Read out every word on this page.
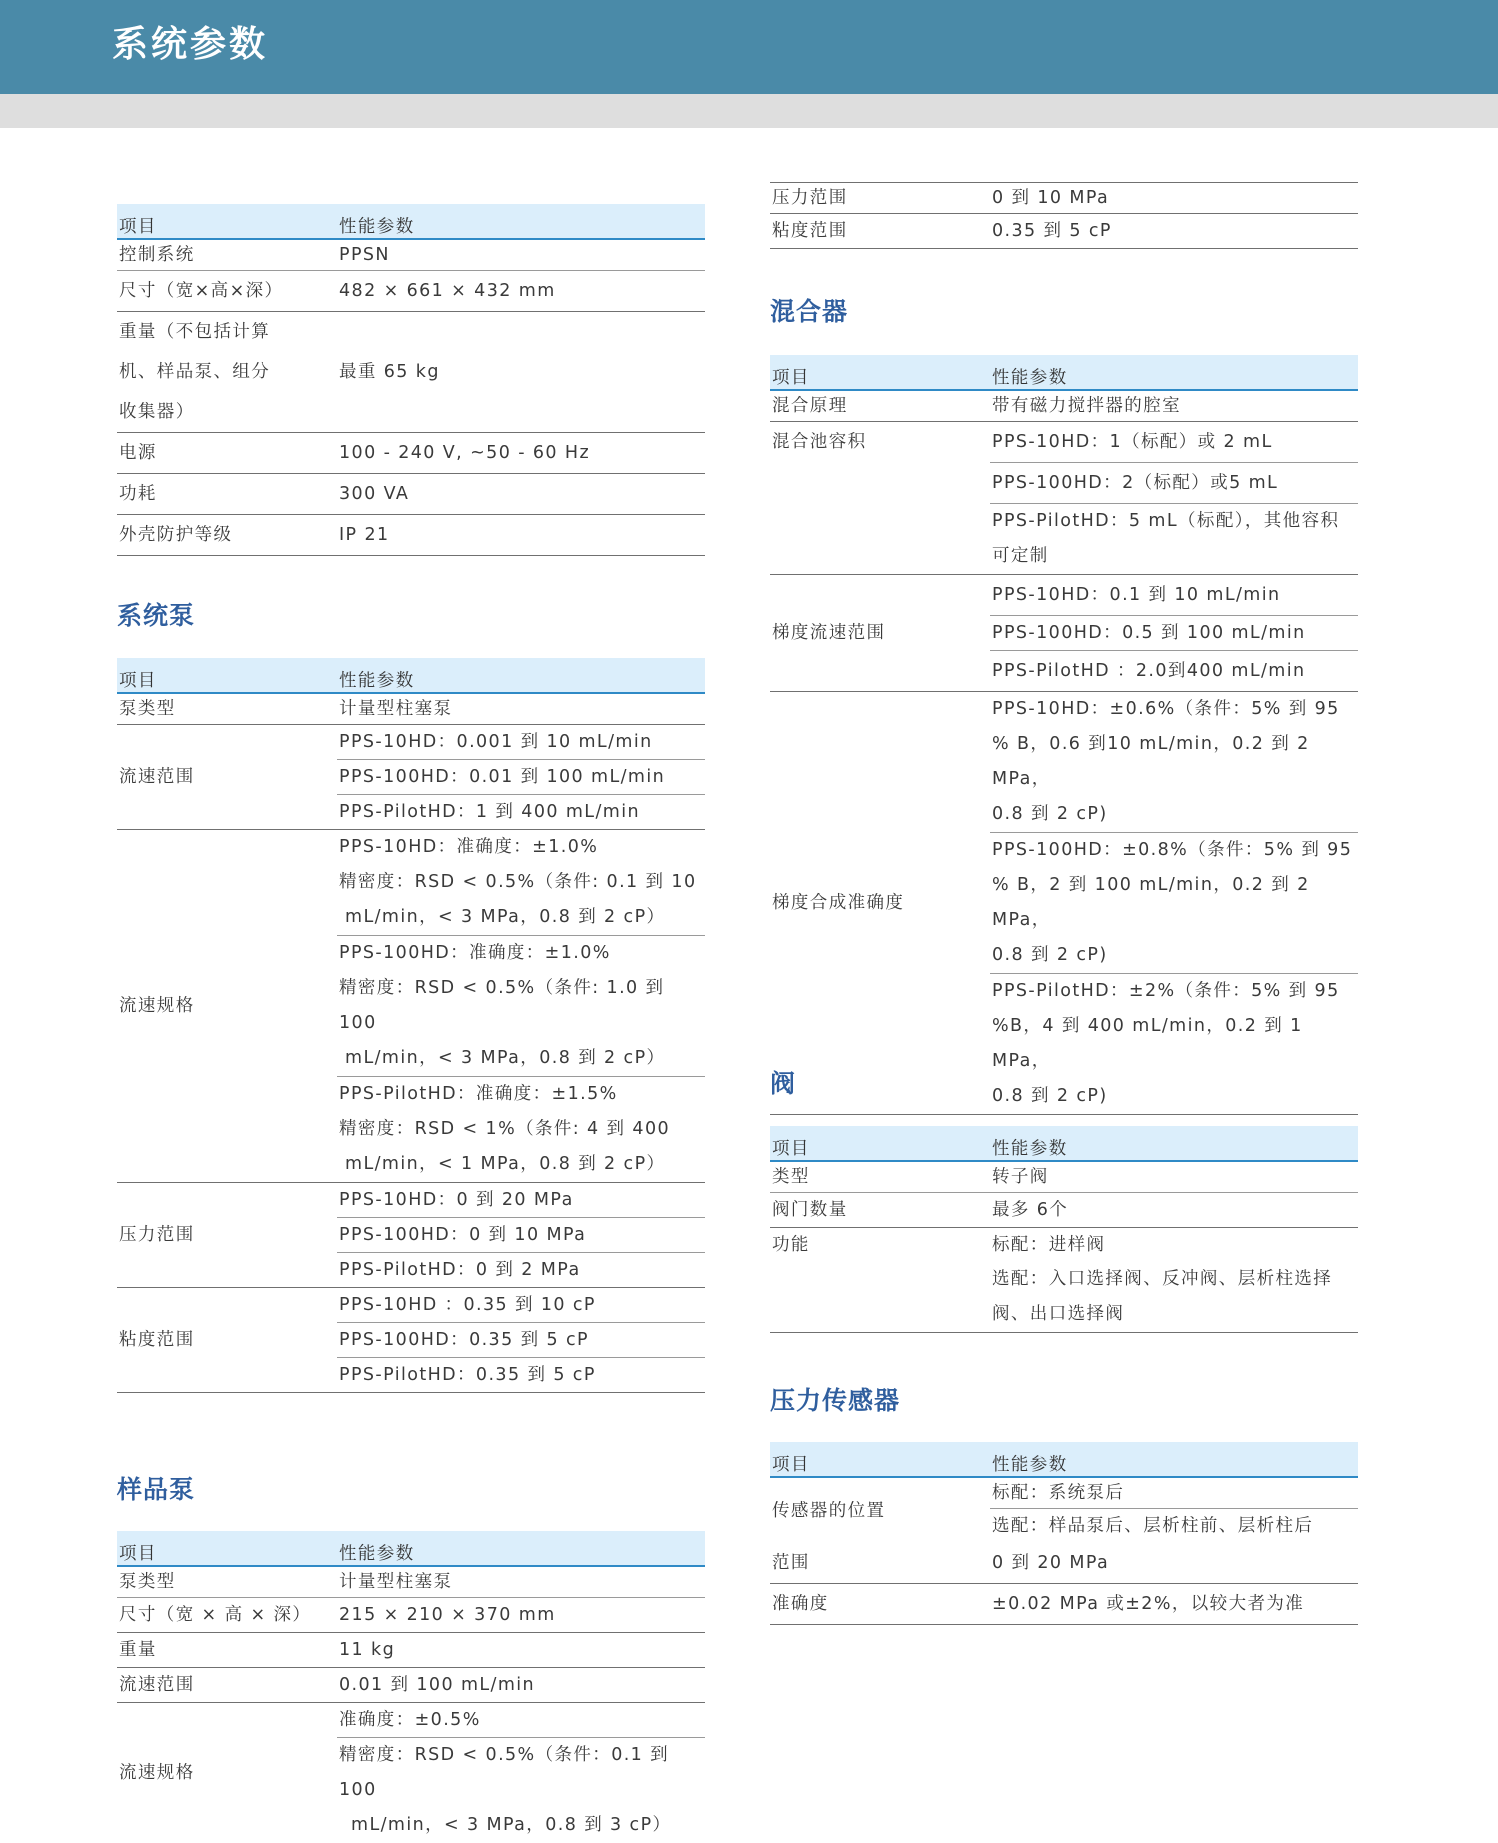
系统参数
项目	性能参数
控制系统	PPSN
尺寸（宽×高×深）	482 × 661 × 432 mm

重量（不包括计算
机、样品泵、组分
收集器）	最重 65 kg
电源	100 - 240 V, ~50 - 60 Hz
功耗	300 VA
外壳防护等级	IP 21
系统泵
项目	性能参数
泵类型	计量型柱塞泵
流速范围	PPS-10HD：0.001 到 10 mL/min
	PPS-100HD：0.01 到 100 mL/min
	PPS-PilotHD：1 到 400 mL/min
流速规格	PPS-10HD：准确度：±1.0%
精密度：RSD < 0.5%（条件: 0.1 到 10
mL/min，< 3 MPa，0.8 到 2 cP）

	PPS-100HD：准确度：±1.0%
精密度：RSD < 0.5%（条件: 1.0 到 100
mL/min，< 3 MPa，0.8 到 2 cP）

	PPS-PilotHD：准确度：±1.5%
精密度：RSD < 1%（条件: 4 到 400
mL/min，< 1 MPa，0.8 到 2 cP）

压力范围	PPS-10HD：0 到 20 MPa
	PPS-100HD：0 到 10 MPa
	PPS-PilotHD：0 到 2 MPa
粘度范围	PPS-10HD ：0.35 到 10 cP
	PPS-100HD：0.35 到 5 cP
	PPS-PilotHD：0.35 到 5 cP
样品泵
项目	性能参数
泵类型	计量型柱塞泵
尺寸（宽 × 高 × 深）	215 × 210 × 370 mm
重量	11 kg
流速范围	0.01 到 100 mL/min
流速规格	准确度：±0.5%

	精密度：RSD < 0.5%（条件：0.1 到 100
mL/min，< 3 MPa，0.8 到 3 cP）
压力范围	0 到 10 MPa
粘度范围	0.35 到 5 cP
混合器
项目	性能参数
混合原理	带有磁力搅拌器的腔室
混合池容积	PPS-10HD：1（标配）或 2 mL
	PPS-100HD：2（标配）或5 mL

	PPS-PilotHD：5 mL（标配），其他容积
可定制

梯度流速范围	PPS-10HD：0.1 到 10 mL/min
	PPS-100HD：0.5 到 100 mL/min
	PPS-PilotHD ：2.0到400 mL/min
梯度合成准确度	PPS-10HD：±0.6%（条件：5% 到 95
% B，0.6 到10 mL/min，0.2 到 2 MPa，
0.8 到 2 cP)

	PPS-100HD：±0.8%（条件：5% 到 95
% B，2 到 100 mL/min，0.2 到 2 MPa，
0.8 到 2 cP)

	PPS-PilotHD：±2%（条件：5% 到 95
%B，4 到 400 mL/min，0.2 到 1 MPa，
0.8 到 2 cP)
阀
项目	性能参数
类型	转子阀
阀门数量	最多 6个
功能	标配：进样阀

	选配：入口选择阀、反冲阀、层析柱选择
阀、出口选择阀
压力传感器
项目	性能参数
传感器的位置	标配：系统泵后
	选配：样品泵后、层析柱前、层析柱后
范围	0 到 20 MPa
准确度	±0.02 MPa 或±2%，以较大者为准
